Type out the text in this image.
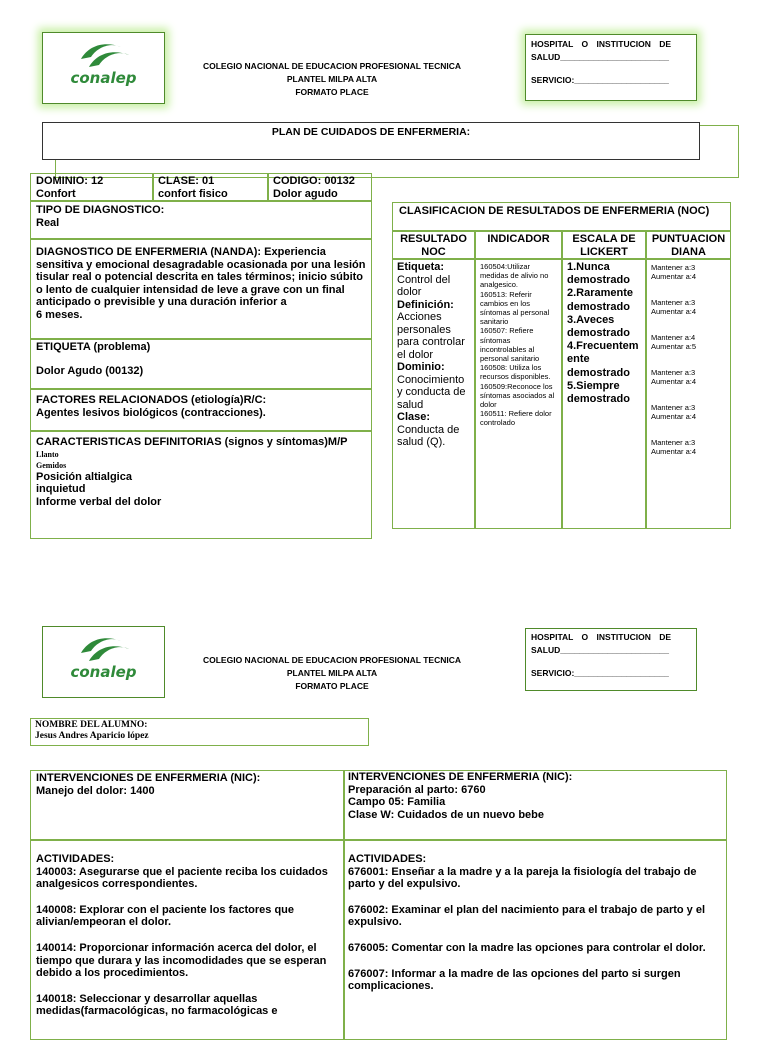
conalep
COLEGIO NACIONAL DE EDUCACION PROFESIONAL TECNICA
PLANTEL MILPA ALTA
FORMATO PLACE
HOSPITAL O INSTITUCION DE
SALUD_______________________
SERVICIO:____________________
PLAN DE CUIDADOS DE ENFERMERIA:
DOMINIO: 12
Confort
CLASE: 01
confort fisico
CODIGO: 00132
Dolor agudo
TIPO DE DIAGNOSTICO:
Real
DIAGNOSTICO DE ENFERMERIA (NANDA): Experiencia sensitiva y emocional desagradable ocasionada por una lesión tisular real o potencial descrita en tales términos; inicio súbito o lento de cualquier intensidad de leve a grave con un final anticipado o previsible y una duración inferior a
6 meses.
ETIQUETA (problema)
Dolor Agudo (00132)
FACTORES RELACIONADOS (etiología)R/C:
Agentes lesivos biológicos (contracciones).
CARACTERISTICAS DEFINITORIAS (signos y síntomas)M/P
Llanto
Gemidos
Posición altialgica
inquietud
Informe verbal del dolor
CLASIFICACION DE RESULTADOS DE ENFERMERIA (NOC)
RESULTADO
NOC
INDICADOR	ESCALA DE
LICKERT
PUNTUACION
DIANA
Etiqueta:
Control del dolor
Definición:
Acciones personales para controlar el dolor
Dominio:
Conocimiento y conducta de salud
Clase:
Conducta de salud (Q).
160504:Utilizar medidas de alivio no analgesico.
160513: Referir cambios en los síntomas al personal sanitario
160507: Refiere síntomas incontrolables al personal sanitario
160508: Utiliza los recursos disponibles.
160509:Reconoce los síntomas asociados al dolor
160511: Refiere dolor controlado
1.Nunca demostrado
2.Raramente demostrado
3.Aveces demostrado
4.Frecuentemente demostrado
5.Siempre demostrado
Mantener a:3
Aumentar a:4
Mantener a:3
Aumentar a:4
Mantener a:4
Aumentar a:5
Mantener a:3
Aumentar a:4
Mantener a:3
Aumentar a:4
Mantener a:3
Aumentar a:4
conalep
COLEGIO NACIONAL DE EDUCACION PROFESIONAL TECNICA
PLANTEL MILPA ALTA
FORMATO PLACE
HOSPITAL O INSTITUCION DE
SALUD_______________________
SERVICIO:____________________
NOMBRE DEL ALUMNO:
Jesus Andres Aparicio lópez
INTERVENCIONES DE ENFERMERIA (NIC):
Manejo del dolor: 1400
INTERVENCIONES DE ENFERMERIA (NIC):
Preparación al parto: 6760
Campo 05: Familia
Clase W: Cuidados de un nuevo bebe
ACTIVIDADES:
140003: Asegurarse que el paciente reciba los cuidados analgesicos correspondientes.
140008: Explorar con el paciente los factores que alivian/empeoran el dolor.
140014: Proporcionar información acerca del dolor, el tiempo que durara y las incomodidades que se esperan debido a los procedimientos.
140018: Seleccionar y desarrollar aquellas medidas(farmacológicas, no farmacológicas e
ACTIVIDADES:
676001: Enseñar a la madre y a la pareja la fisiología del trabajo de parto y del expulsivo.
676002: Examinar el plan del nacimiento para el trabajo de parto y el expulsivo.
676005: Comentar con la madre las opciones para controlar el dolor.
676007: Informar a la madre de las opciones del parto si surgen complicaciones.
